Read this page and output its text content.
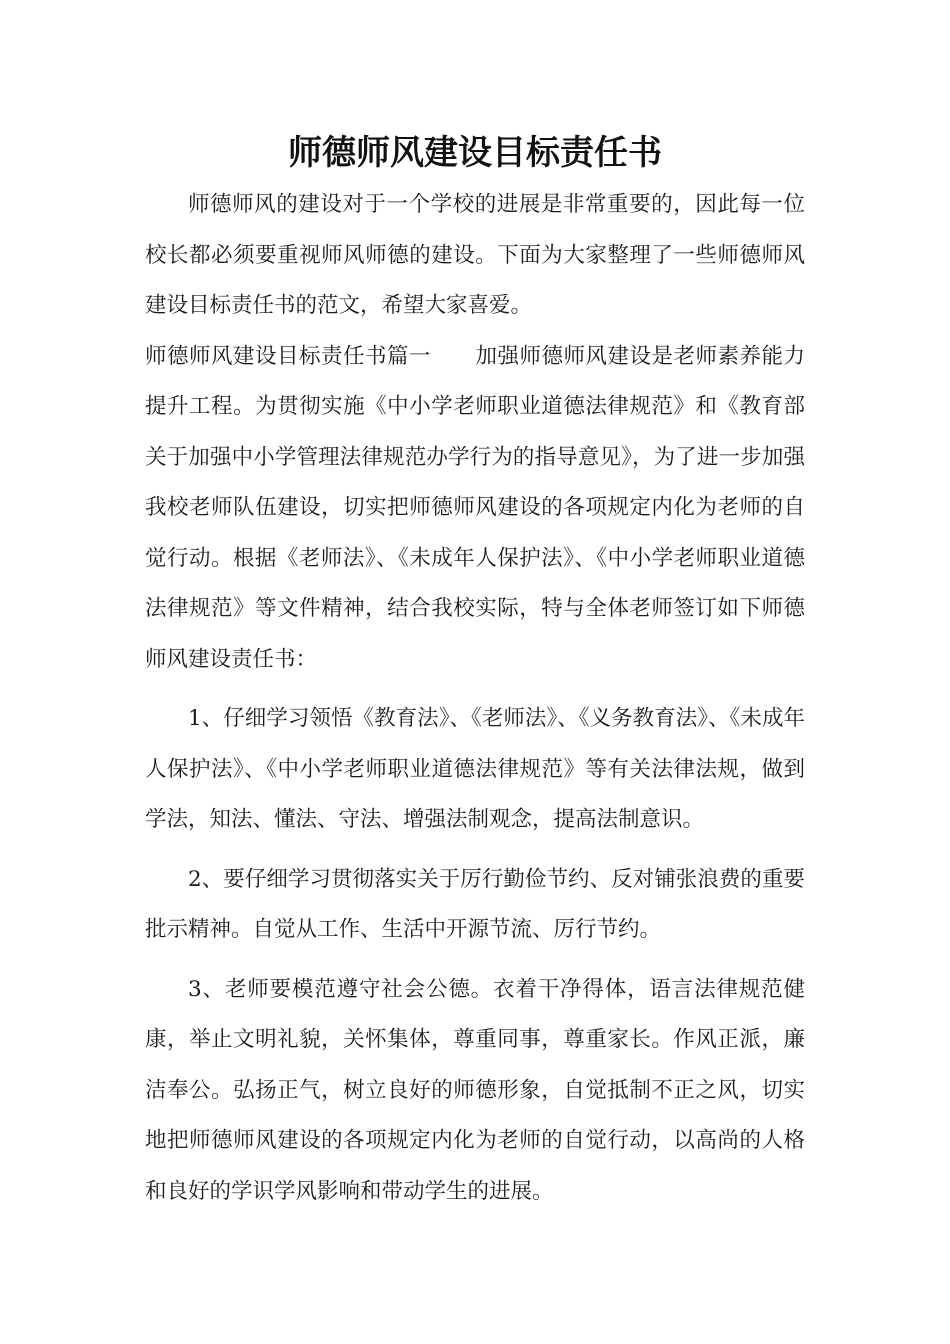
师德师风建设目标责任书

师德师风的建设对于一个学校的进展是非常重要的，因此每一位校长都必须要重视师风师德的建设。下面为大家整理了一些师德师风建设目标责任书的范文，希望大家喜爱。

师德师风建设目标责任书篇一 加强师德师风建设是老师素养能力提升工程。为贯彻实施《中小学老师职业道德法律规范》和《教育部关于加强中小学管理法律规范办学行为的指导意见》，为了进一步加强我校老师队伍建设，切实把师德师风建设的各项规定内化为老师的自觉行动。根据《老师法》、《未成年人保护法》、《中小学老师职业道德法律规范》等文件精神，结合我校实际，特与全体老师签订如下师德师风建设责任书：

1、仔细学习领悟《教育法》、《老师法》、《义务教育法》、《未成年人保护法》、《中小学老师职业道德法律规范》等有关法律法规，做到学法，知法、懂法、守法、增强法制观念，提高法制意识。

2、要仔细学习贯彻落实关于厉行勤俭节约、反对铺张浪费的重要批示精神。自觉从工作、生活中开源节流、厉行节约。

3、老师要模范遵守社会公德。衣着干净得体，语言法律规范健康，举止文明礼貌，关怀集体，尊重同事，尊重家长。作风正派，廉洁奉公。弘扬正气，树立良好的师德形象，自觉抵制不正之风，切实地把师德师风建设的各项规定内化为老师的自觉行动，以高尚的人格和良好的学识学风影响和带动学生的进展。
